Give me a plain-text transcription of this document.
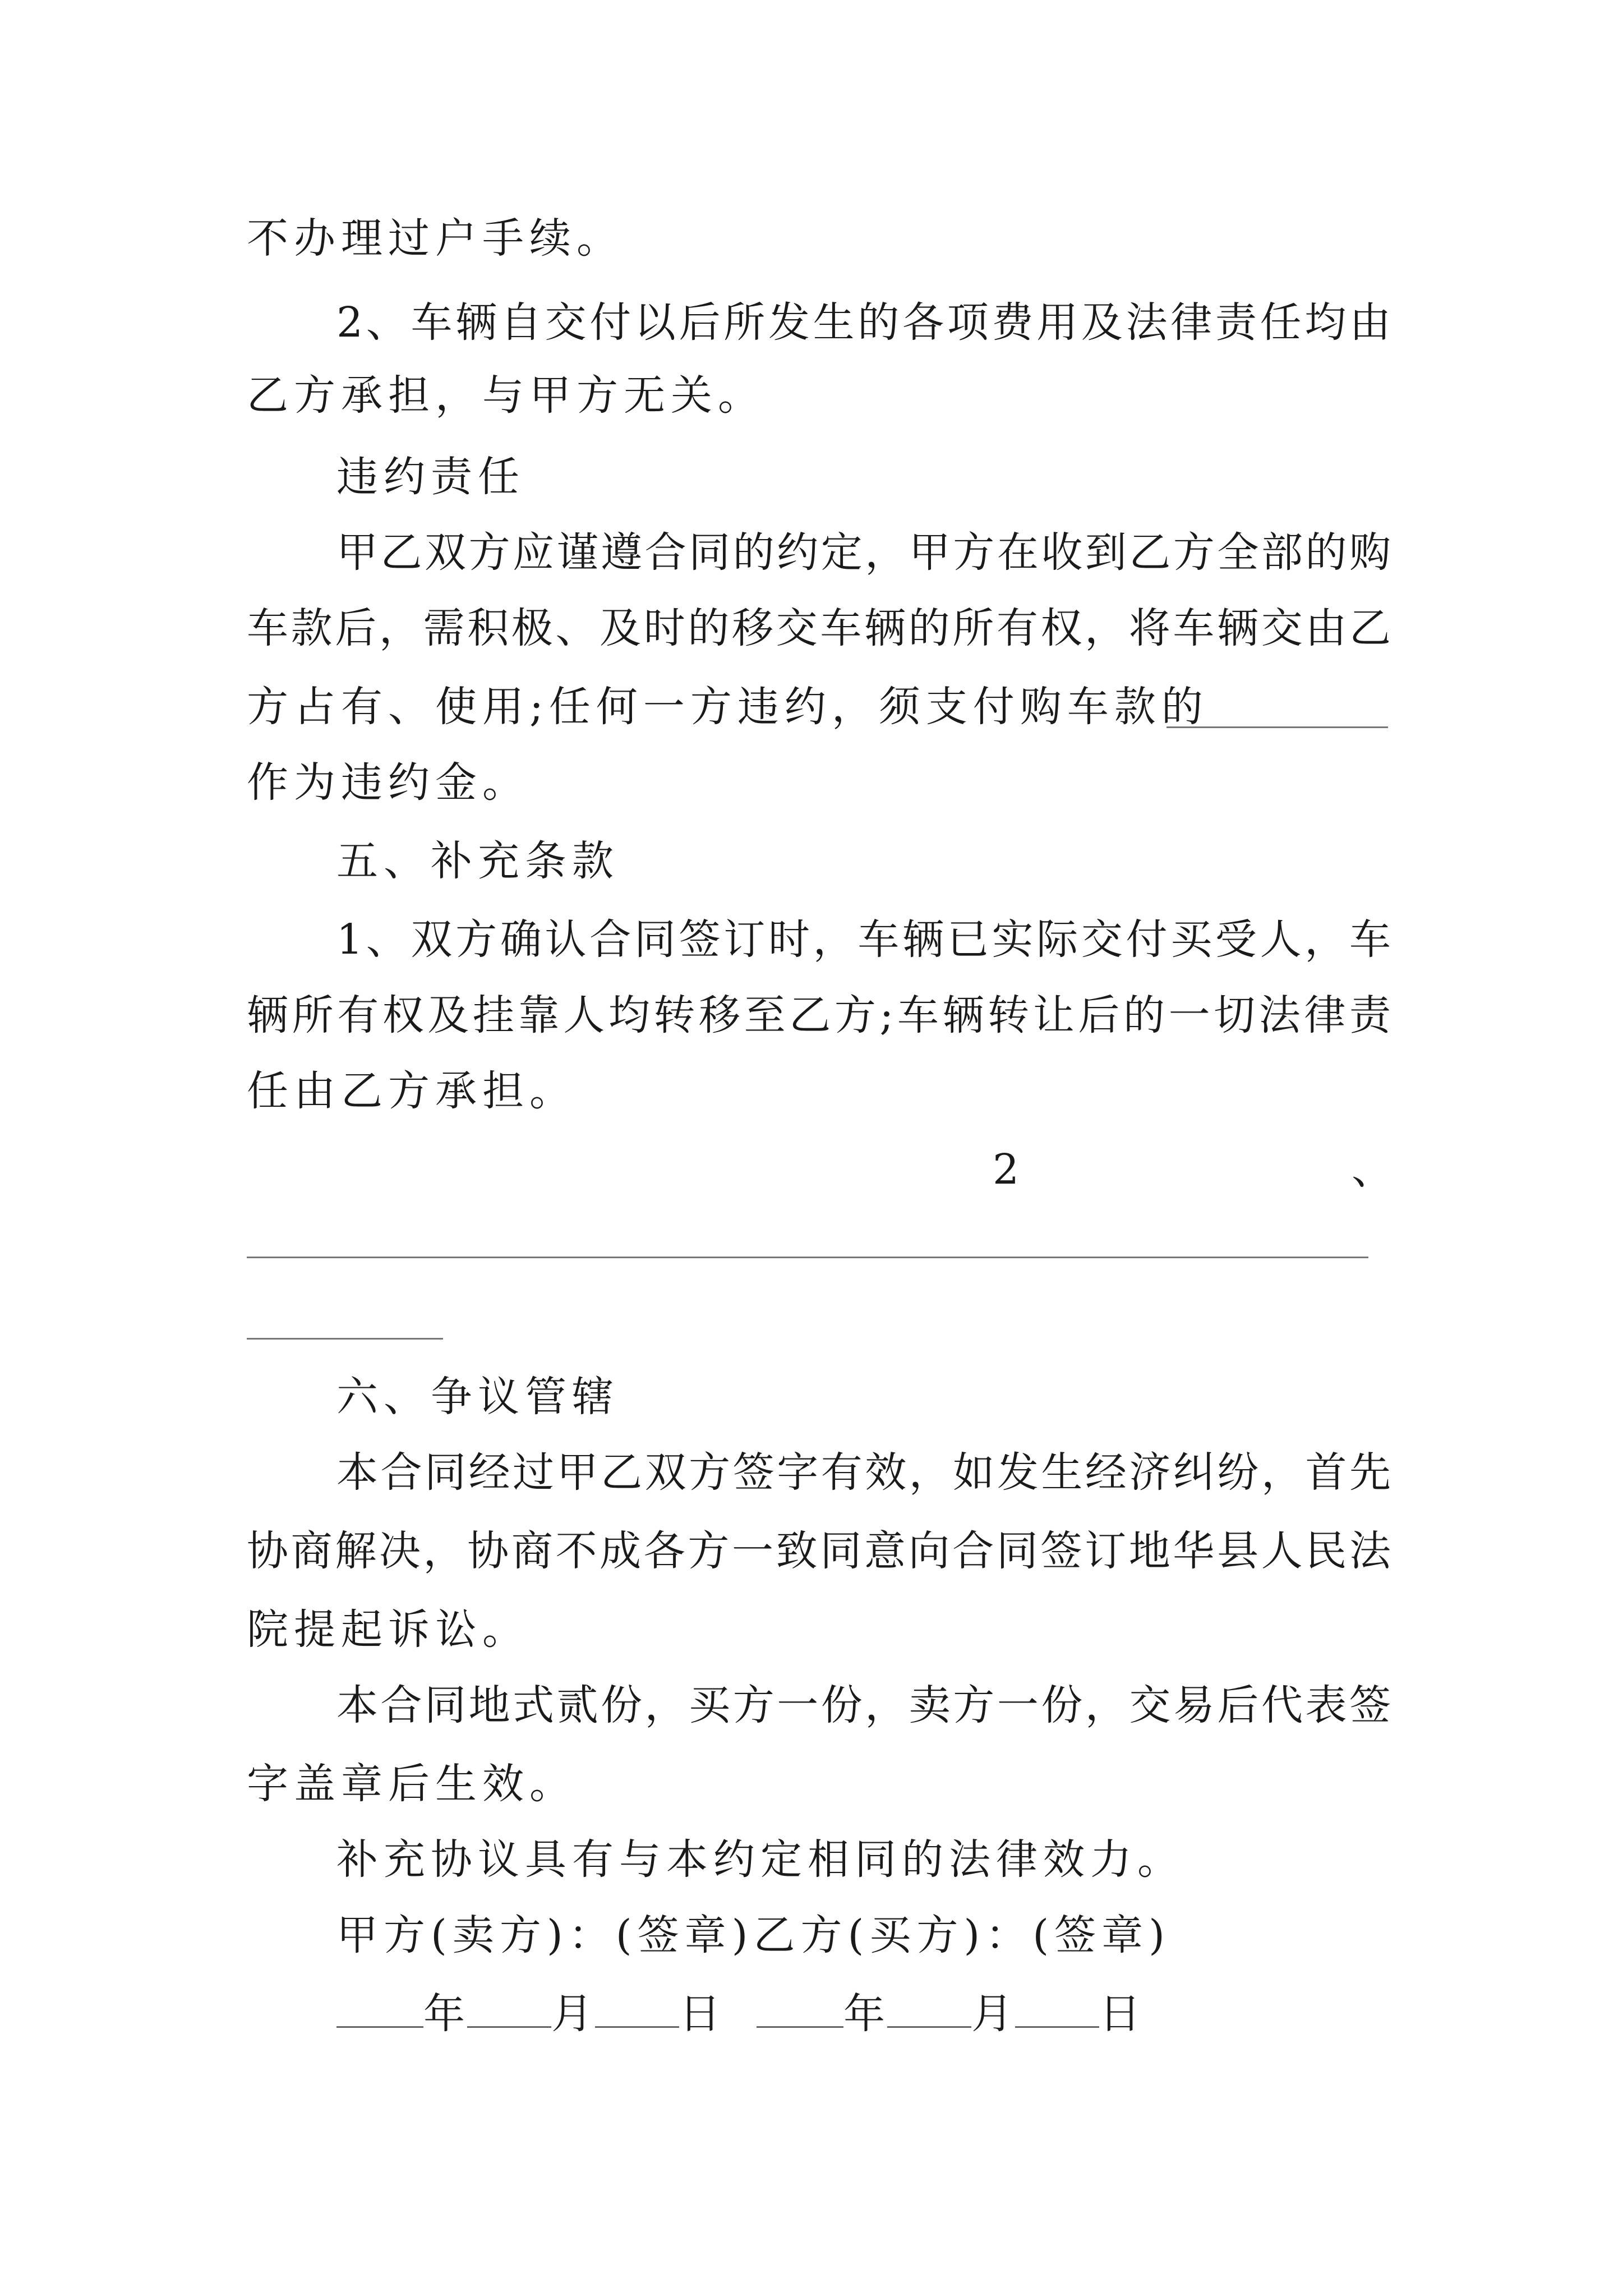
不办理过户手续。
2、车辆自交付以后所发生的各项费用及法律责任均由
乙方承担，与甲方无关。
违约责任
甲乙双方应谨遵合同的约定，甲方在收到乙方全部的购
车款后，需积极、及时的移交车辆的所有权，将车辆交由乙
方占有、使用;任何一方违约，须支付购车款的
作为违约金。
五、补充条款
1、双方确认合同签订时，车辆已实际交付买受人，车
辆所有权及挂靠人均转移至乙方;车辆转让后的一切法律责
任由乙方承担。
2	、
六、争议管辖
本合同经过甲乙双方签字有效，如发生经济纠纷，首先
协商解决，协商不成各方一致同意向合同签订地华县人民法
院提起诉讼。
本合同地式贰份，买方一份，卖方一份，交易后代表签
字盖章后生效。
补充协议具有与本约定相同的法律效力。
甲方(卖方)：(签章)乙方(买方)：(签章)
年 月 日	年 月 日
